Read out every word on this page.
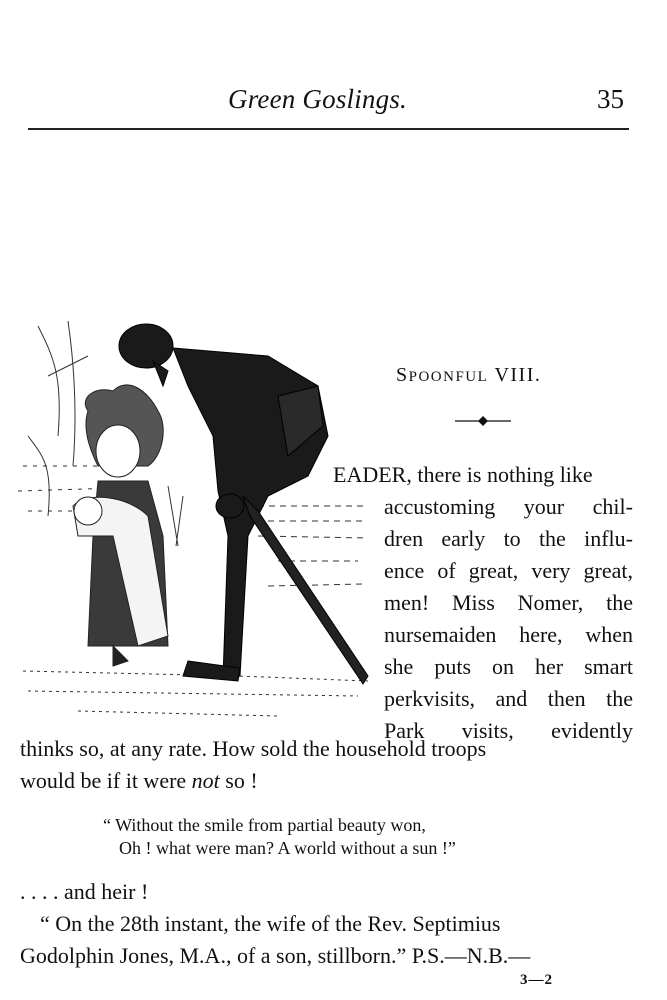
Green Goslings.	35
SPOONFUL VIII.
EADER, there is nothing like
accustoming your chil-
dren early to the influ-
ence of great, very great,
men! Miss Nomer, the
nursemaiden here, when
she puts on her smart
perkvisits, and then the
Park visits, evidently
thinks so, at any rate. How sold the household troops
would be if it were not so !
“ Without the smile from partial beauty won,
Oh ! what were man? A world without a sun !”
. . . . and heir !
“ On the 28th instant, the wife of the Rev. Septimius
Godolphin Jones, M.A., of a son, stillborn.” P.S.—N.B.—
3—2
